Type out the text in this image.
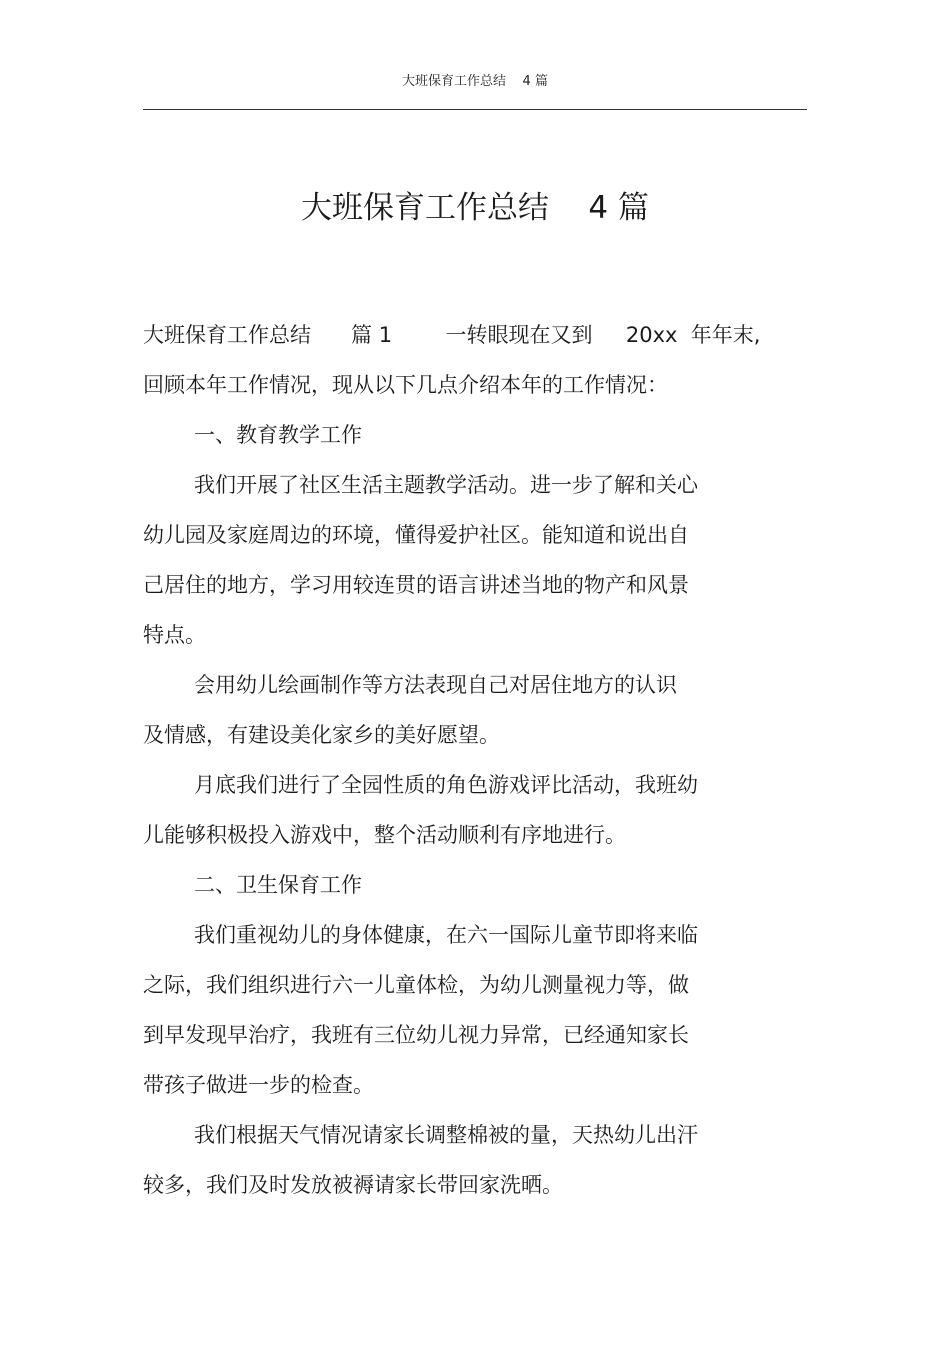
大班保育工作总结    4 篇
大班保育工作总结    4 篇
大班保育工作总结      篇 1        一转眼现在又到     20xx  年年末,
回顾本年工作情况，现从以下几点介绍本年的工作情况：
一、教育教学工作
我们开展了社区生活主题教学活动。进一步了解和关心
幼儿园及家庭周边的环境，懂得爱护社区。能知道和说出自
己居住的地方，学习用较连贯的语言讲述当地的物产和风景
特点。
会用幼儿绘画制作等方法表现自己对居住地方的认识
及情感，有建设美化家乡的美好愿望。
月底我们进行了全园性质的角色游戏评比活动，我班幼
儿能够积极投入游戏中，整个活动顺利有序地进行。
二、卫生保育工作
我们重视幼儿的身体健康，在六一国际儿童节即将来临
之际，我们组织进行六一儿童体检，为幼儿测量视力等，做
到早发现早治疗，我班有三位幼儿视力异常，已经通知家长
带孩子做进一步的检查。
我们根据天气情况请家长调整棉被的量，天热幼儿出汗
较多，我们及时发放被褥请家长带回家洗晒。
